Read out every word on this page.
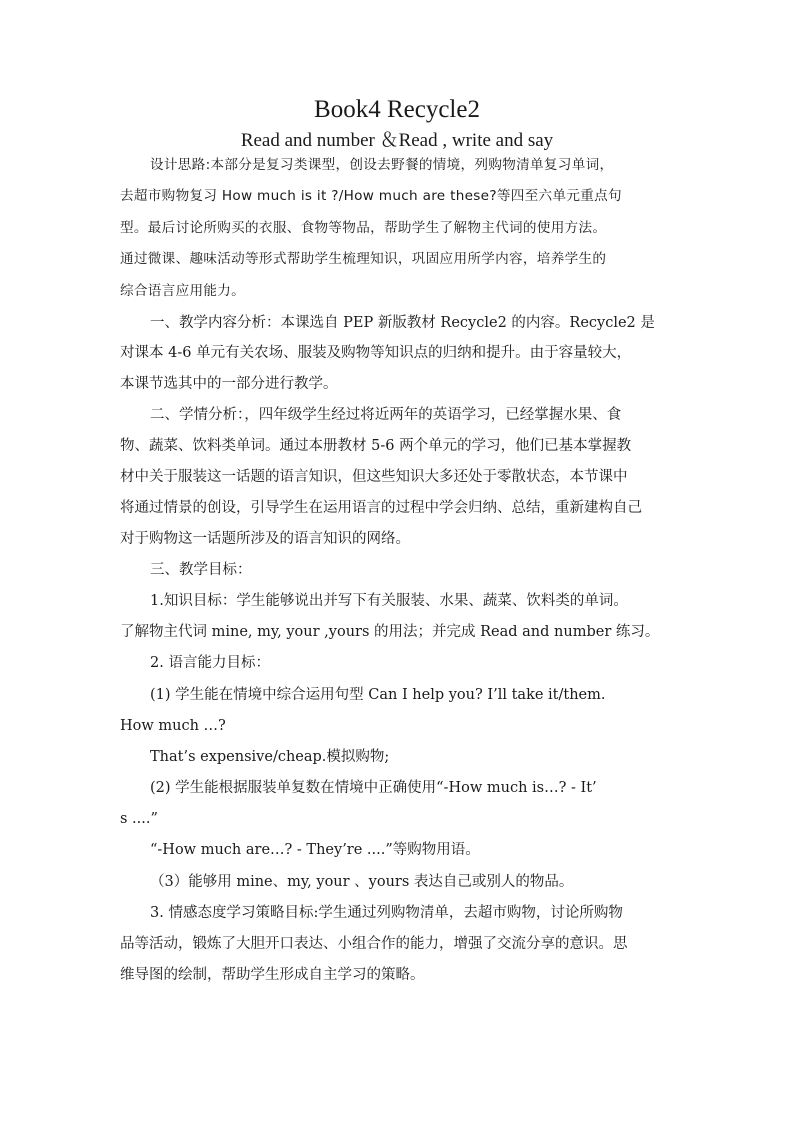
Book4 Recycle2
Read and number ＆Read , write and say
设计思路:本部分是复习类课型，创设去野餐的情境，列购物清单复习单词，
去超市购物复习 How much is it ?/How much are these?等四至六单元重点句
型。最后讨论所购买的衣服、食物等物品，帮助学生了解物主代词的使用方法。
通过微课、趣味活动等形式帮助学生梳理知识，巩固应用所学内容，培养学生的
综合语言应用能力。
一、教学内容分析：本课选自 PEP 新版教材 Recycle2 的内容。Recycle2 是
对课本 4-6 单元有关农场、服装及购物等知识点的归纳和提升。由于容量较大，
本课节选其中的一部分进行教学。
二、学情分析：，四年级学生经过将近两年的英语学习，已经掌握水果、食
物、蔬菜、饮料类单词。通过本册教材 5-6 两个单元的学习，他们已基本掌握教
材中关于服装这一话题的语言知识，但这些知识大多还处于零散状态，本节课中
将通过情景的创设，引导学生在运用语言的过程中学会归纳、总结，重新建构自己
对于购物这一话题所涉及的语言知识的网络。
三、教学目标：
1.知识目标：学生能够说出并写下有关服装、水果、蔬菜、饮料类的单词。
了解物主代词 mine, my, your ,yours 的用法；并完成 Read and number 练习。
2. 语言能力目标：
(1) 学生能在情境中综合运用句型 Can I help you? I’ll take it/them.
How much …?
That’s expensive/cheap.模拟购物;
(2) 学生能根据服装单复数在情境中正确使用“-How much is…? - It’
s ....”
“-How much are…? - They’re ....”等购物用语。
（3）能够用 mine、my, your 、yours 表达自己或别人的物品。
3. 情感态度学习策略目标:学生通过列购物清单，去超市购物，讨论所购物
品等活动，锻炼了大胆开口表达、小组合作的能力，增强了交流分享的意识。思
维导图的绘制，帮助学生形成自主学习的策略。
